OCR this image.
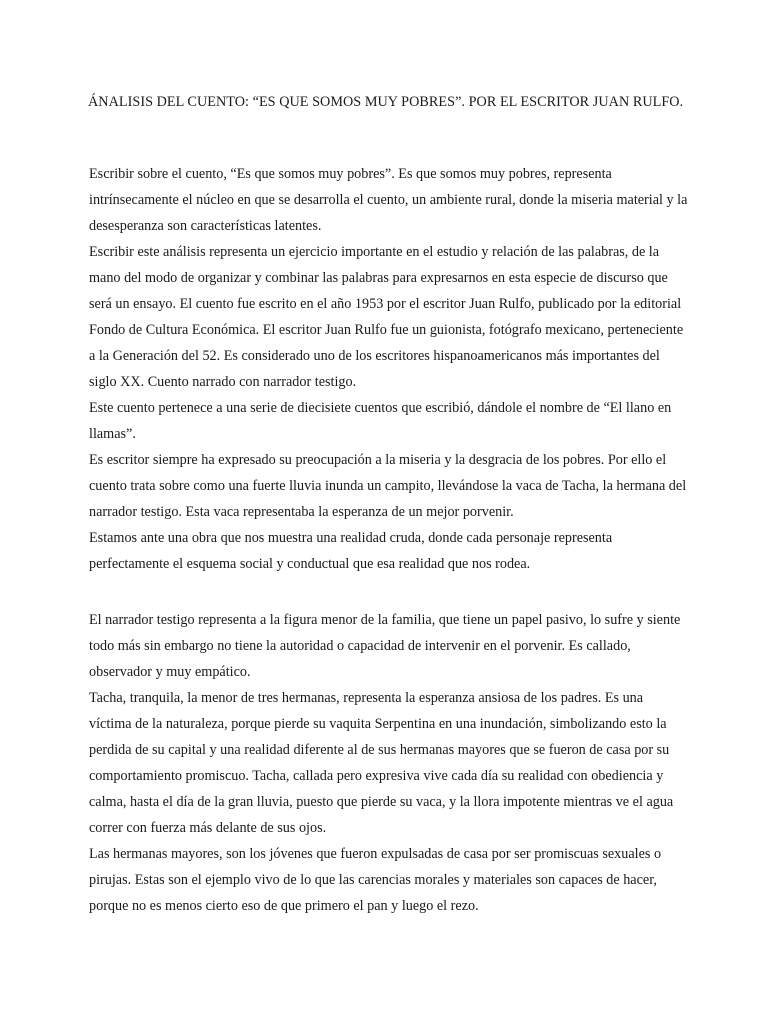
ÁNALISIS DEL CUENTO: “ES QUE SOMOS MUY POBRES”. POR EL ESCRITOR JUAN RULFO.

Escribir sobre el cuento, “Es que somos muy pobres”. Es que somos muy pobres, representa intrínsecamente el núcleo en que se desarrolla el cuento, un ambiente rural, donde la miseria material y la desesperanza son características latentes.

Escribir este análisis representa un ejercicio importante en el estudio y relación de las palabras, de la mano del modo de organizar y combinar las palabras para expresarnos en esta especie de discurso que será un ensayo. El cuento fue escrito en el año 1953 por el escritor Juan Rulfo, publicado por la editorial Fondo de Cultura Económica. El escritor Juan Rulfo fue un guionista, fotógrafo mexicano, perteneciente a la Generación del 52. Es considerado uno de los escritores hispanoamericanos más importantes del siglo XX. Cuento narrado con narrador testigo.

Este cuento pertenece a una serie de diecisiete cuentos que escribió, dándole el nombre de “El llano en llamas”.

Es escritor siempre ha expresado su preocupación a la miseria y la desgracia de los pobres. Por ello el cuento trata sobre como una fuerte lluvia inunda un campito, llevándose la vaca de Tacha, la hermana del narrador testigo. Esta vaca representaba la esperanza de un mejor porvenir.

Estamos ante una obra que nos muestra una realidad cruda, donde cada personaje representa perfectamente el esquema social y conductual que esa realidad que nos rodea.

El narrador testigo representa a la figura menor de la familia, que tiene un papel pasivo, lo sufre y siente todo más sin embargo no tiene la autoridad o capacidad de intervenir en el porvenir. Es callado, observador y muy empático.

Tacha, tranquila, la menor de tres hermanas, representa la esperanza ansiosa de los padres. Es una víctima de la naturaleza, porque pierde su vaquita Serpentina en una inundación, simbolizando esto la perdida de su capital y una realidad diferente al de sus hermanas mayores que se fueron de casa por su comportamiento promiscuo. Tacha, callada pero expresiva vive cada día su realidad con obediencia y calma, hasta el día de la gran lluvia, puesto que pierde su vaca, y la llora impotente mientras ve el agua correr con fuerza más delante de sus ojos.

Las hermanas mayores, son los jóvenes que fueron expulsadas de casa por ser promiscuas sexuales o pirujas. Estas son el ejemplo vivo de lo que las carencias morales y materiales son capaces de hacer, porque no es menos cierto eso de que primero el pan y luego el rezo.
